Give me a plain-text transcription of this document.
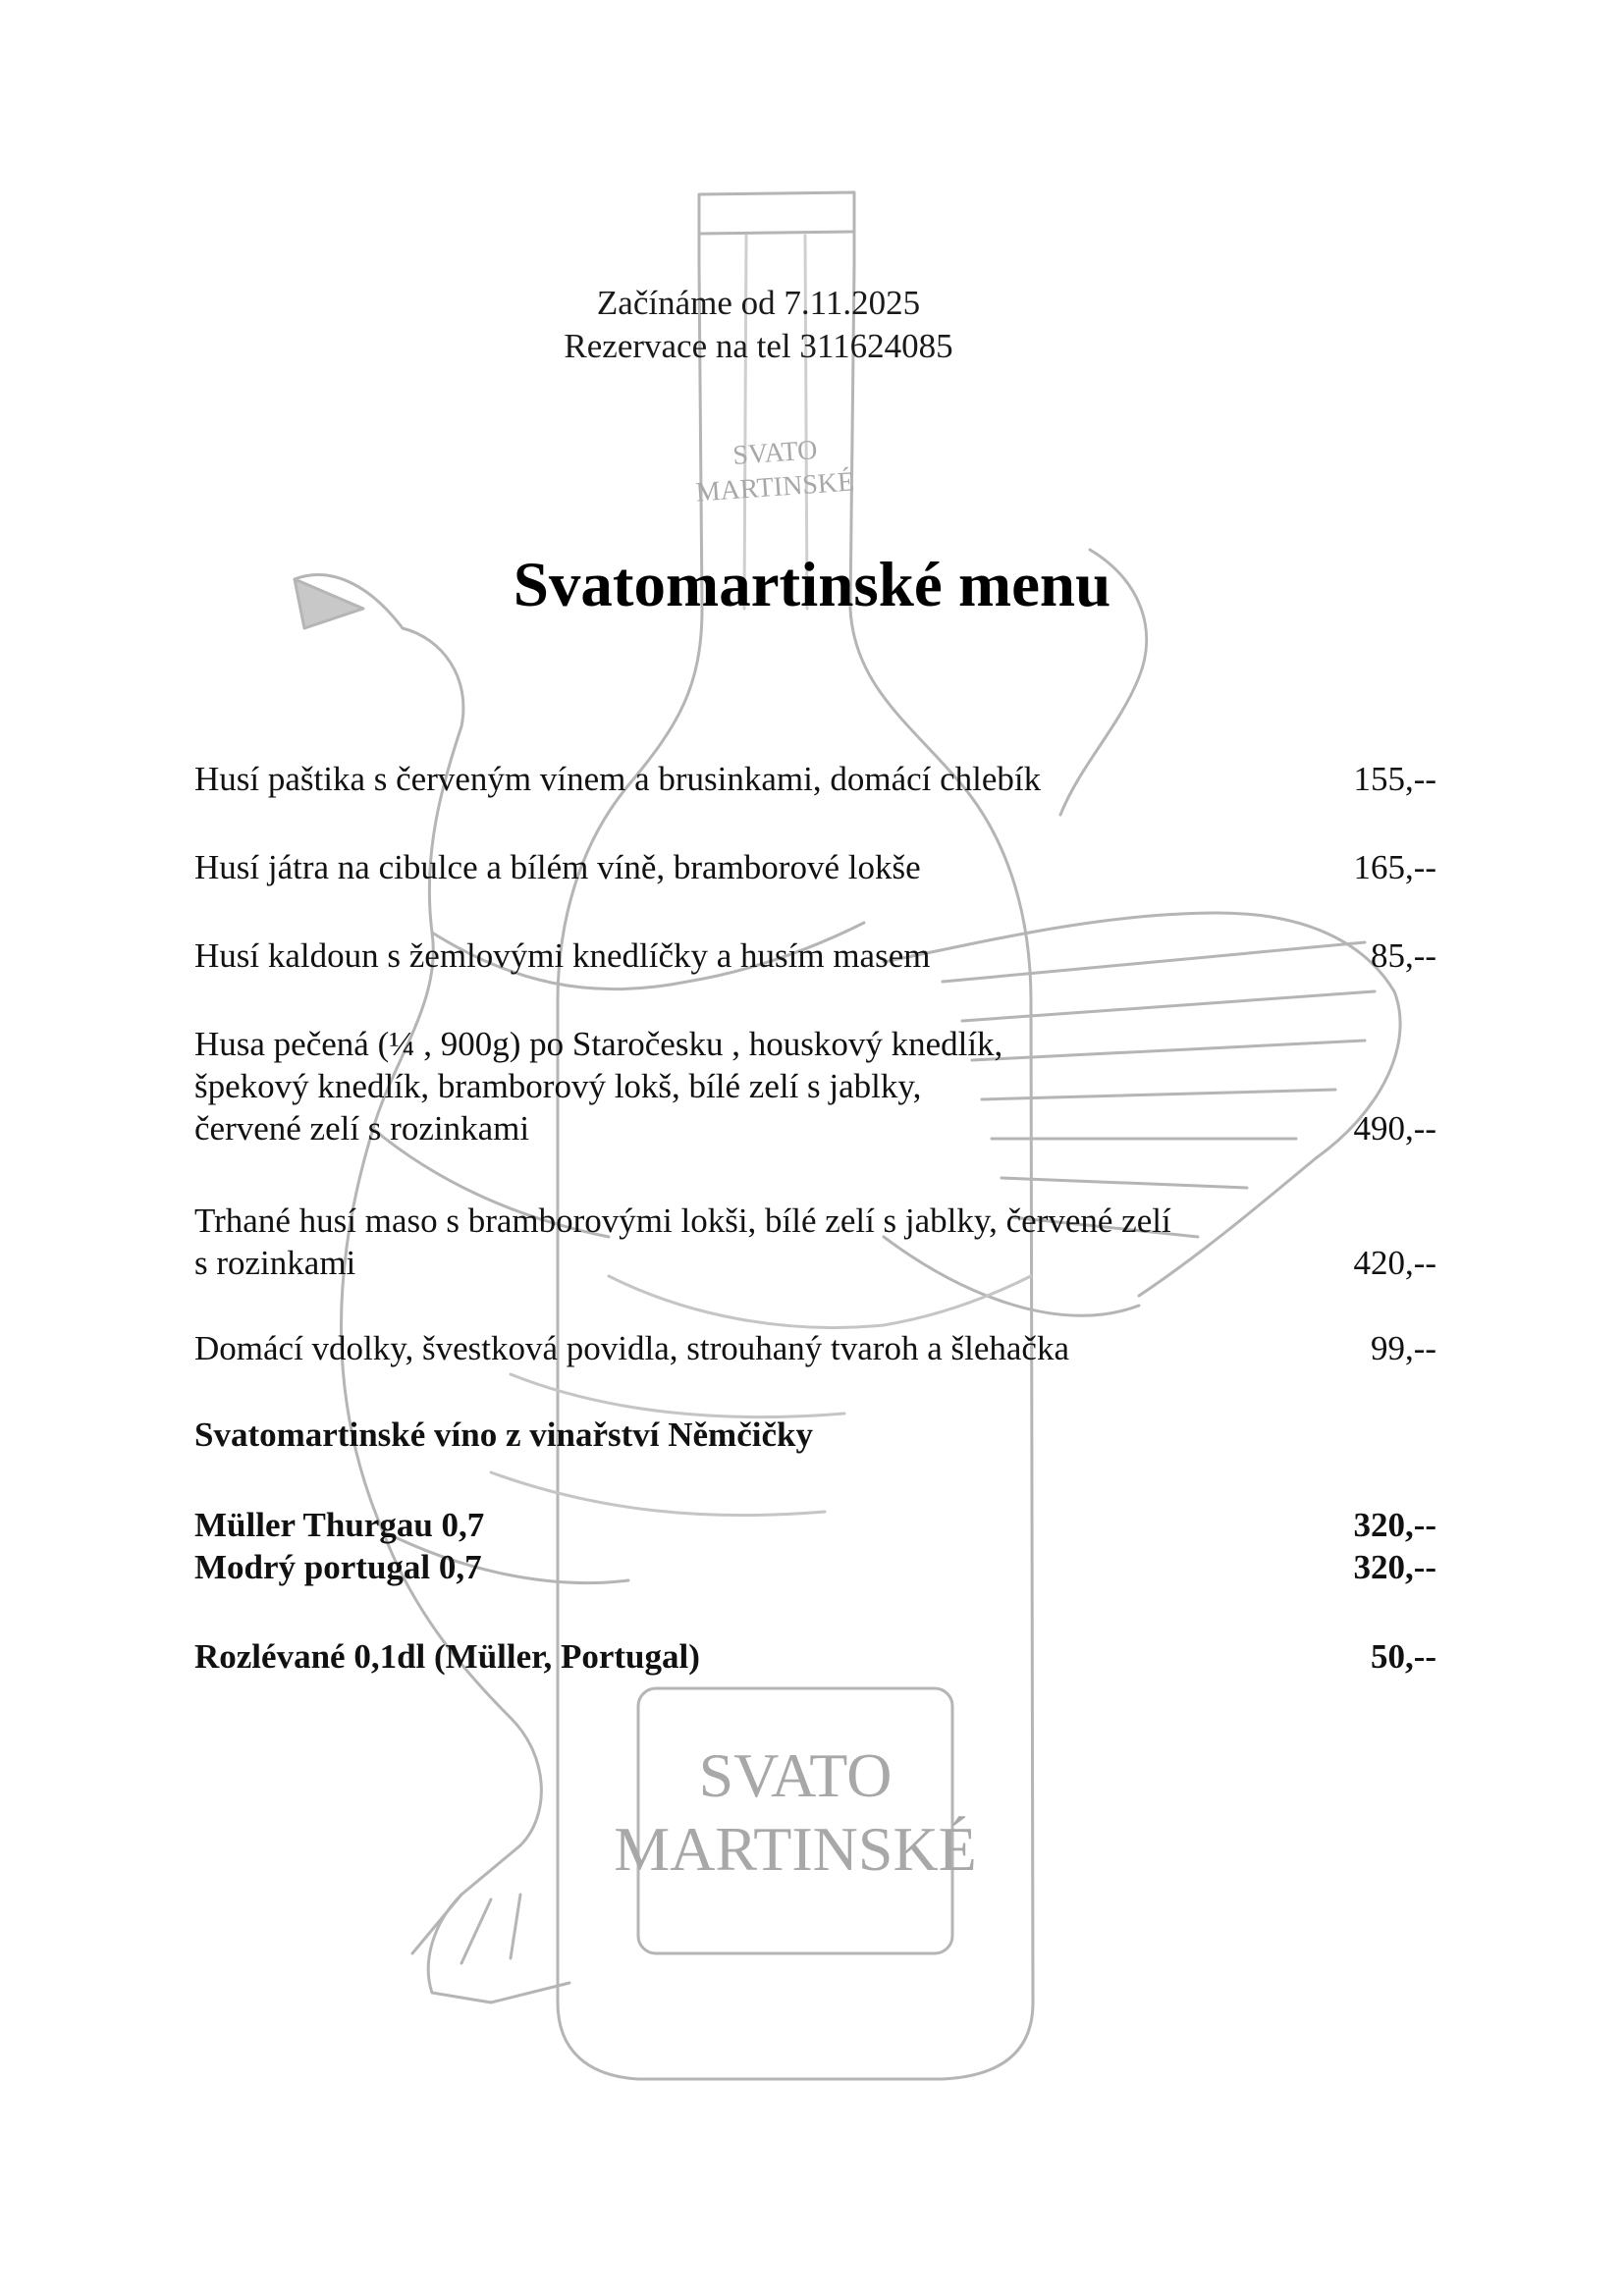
SVATO
MARTINSKÉ
SVATO
MARTINSKÉ
Začínáme od 7.11.2025
Rezervace na tel 311624085
Svatomartinské menu
Husí paštika s červeným vínem a brusinkami, domácí chlebík	155,--
Husí játra na cibulce a bílém víně, bramborové lokše	165,--
Husí kaldoun s žemlovými knedlíčky a husím masem	85,--
Husa pečená (¼ , 900g) po Staročesku , houskový knedlík,
špekový knedlík, bramborový lokš, bílé zelí s jablky,
červené zelí s rozinkami	490,--
Trhané husí maso s bramborovými lokši, bílé zelí s jablky, červené zelí
s rozinkami	420,--
Domácí vdolky, švestková povidla, strouhaný tvaroh a šlehačka	99,--
Svatomartinské víno z vinařství Němčičky
Müller Thurgau 0,7	320,--
Modrý portugal 0,7	320,--
Rozlévané 0,1dl (Müller, Portugal)	50,--
